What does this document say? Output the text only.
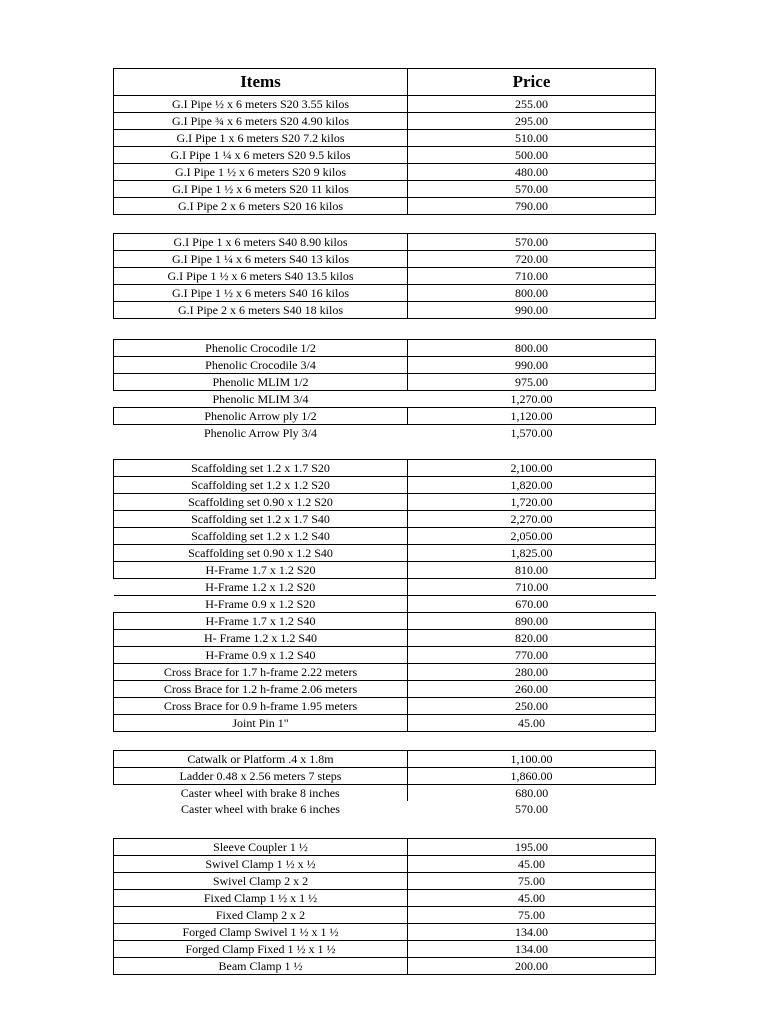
Items	Price
G.I Pipe ½ x 6 meters S20 3.55 kilos	255.00
G.I Pipe ¾ x 6 meters S20 4.90 kilos	295.00
G.I Pipe 1 x 6 meters S20 7.2 kilos	510.00
G.I Pipe 1 ¼ x 6 meters S20 9.5 kilos	500.00
G.I Pipe 1 ½ x 6 meters S20 9 kilos	480.00
G.I Pipe 1 ½ x 6 meters S20 11 kilos	570.00
G.I Pipe 2 x 6 meters S20 16 kilos	790.00
G.I Pipe 1 x 6 meters S40 8.90 kilos	570.00
G.I Pipe 1 ¼ x 6 meters S40 13 kilos	720.00
G.I Pipe 1 ½ x 6 meters S40 13.5 kilos	710.00
G.I Pipe 1 ½ x 6 meters S40 16 kilos	800.00
G.I Pipe 2 x 6 meters S40 18 kilos	990.00
Phenolic Crocodile 1/2	800.00
Phenolic Crocodile 3/4	990.00
Phenolic MLIM 1/2	975.00
Phenolic MLIM 3/4	1,270.00
Phenolic Arrow ply 1/2	1,120.00
Phenolic Arrow Ply 3/4	1,570.00
Scaffolding set 1.2 x 1.7 S20	2,100.00
Scaffolding set 1.2 x 1.2 S20	1,820.00
Scaffolding set 0.90 x 1.2 S20	1,720.00
Scaffolding set 1.2 x 1.7 S40	2,270.00
Scaffolding set 1.2 x 1.2 S40	2,050.00
Scaffolding set 0.90 x 1.2 S40	1,825.00
H-Frame 1.7 x 1.2 S20	810.00
H-Frame 1.2 x 1.2 S20	710.00
H-Frame 0.9 x 1.2 S20	670.00
H-Frame 1.7 x 1.2 S40	890.00
H- Frame 1.2 x 1.2 S40	820.00
H-Frame 0.9 x 1.2 S40	770.00
Cross Brace for 1.7 h-frame 2.22 meters	280.00
Cross Brace for 1.2 h-frame 2.06 meters	260.00
Cross Brace for 0.9 h-frame 1.95 meters	250.00
Joint Pin 1"	45.00
Catwalk or Platform .4 x 1.8m	1,100.00
Ladder 0.48 x 2.56 meters 7 steps	1,860.00
Caster wheel with brake 8 inches	680.00
Caster wheel with brake 6 inches	570.00
Sleeve Coupler 1 ½	195.00
Swivel Clamp 1 ½ x ½	45.00
Swivel Clamp 2 x 2	75.00
Fixed Clamp 1 ½ x 1 ½	45.00
Fixed Clamp 2 x 2	75.00
Forged Clamp Swivel 1 ½ x 1 ½	134.00
Forged Clamp Fixed 1 ½ x 1 ½	134.00
Beam Clamp 1 ½	200.00
